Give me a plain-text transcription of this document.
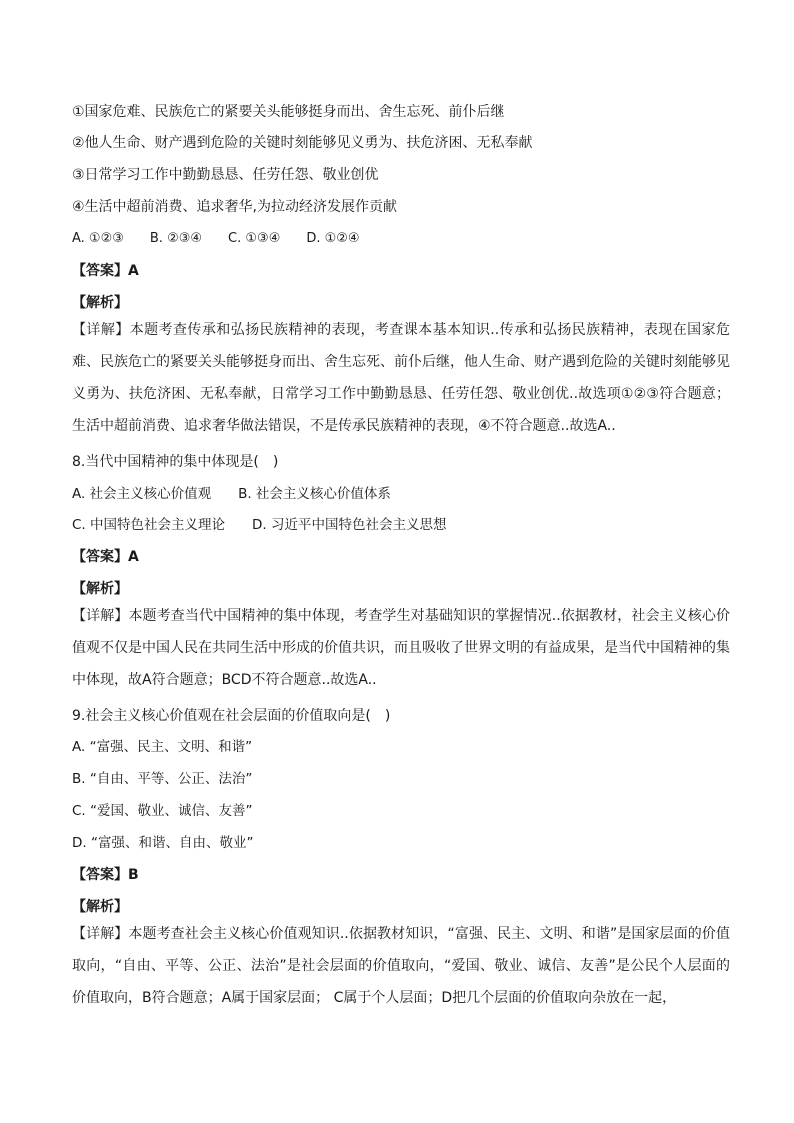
①国家危难、民族危亡的紧要关头能够挺身而出、舍生忘死、前仆后继
②他人生命、财产遇到危险的关键时刻能够见义勇为、扶危济困、无私奉献
③日常学习工作中勤勤恳恳、任劳任怨、敬业创优
④生活中超前消费、追求奢华,为拉动经济发展作贡献
A. ①②③　　B. ②③④　　C. ①③④　　D. ①②④
【答案】A
【解析】
【详解】本题考查传承和弘扬民族精神的表现，考查课本基本知识..传承和弘扬民族精神，表现在国家危难、民族危亡的紧要关头能够挺身而出、舍生忘死、前仆后继，他人生命、财产遇到危险的关键时刻能够见义勇为、扶危济困、无私奉献，日常学习工作中勤勤恳恳、任劳任怨、敬业创优..故选项①②③符合题意；生活中超前消费、追求奢华做法错误，不是传承民族精神的表现，④不符合题意..故选A..
8.当代中国精神的集中体现是(　)
A. 社会主义核心价值观　　B. 社会主义核心价值体系
C. 中国特色社会主义理论　　D. 习近平中国特色社会主义思想
【答案】A
【解析】
【详解】本题考查当代中国精神的集中体现，考查学生对基础知识的掌握情况..依据教材，社会主义核心价值观不仅是中国人民在共同生活中形成的价值共识，而且吸收了世界文明的有益成果，是当代中国精神的集中体现，故A符合题意；BCD不符合题意..故选A..
9.社会主义核心价值观在社会层面的价值取向是(　)
A. “富强、民主、文明、和谐”
B. “自由、平等、公正、法治”
C. “爱国、敬业、诚信、友善”
D. “富强、和谐、自由、敬业”
【答案】B
【解析】
【详解】本题考查社会主义核心价值观知识..依据教材知识，“富强、民主、文明、和谐”是国家层面的价值取向，“自由、平等、公正、法治”是社会层面的价值取向，“爱国、敬业、诚信、友善”是公民个人层面的价值取向，B符合题意；A属于国家层面； C属于个人层面；D把几个层面的价值取向杂放在一起，
